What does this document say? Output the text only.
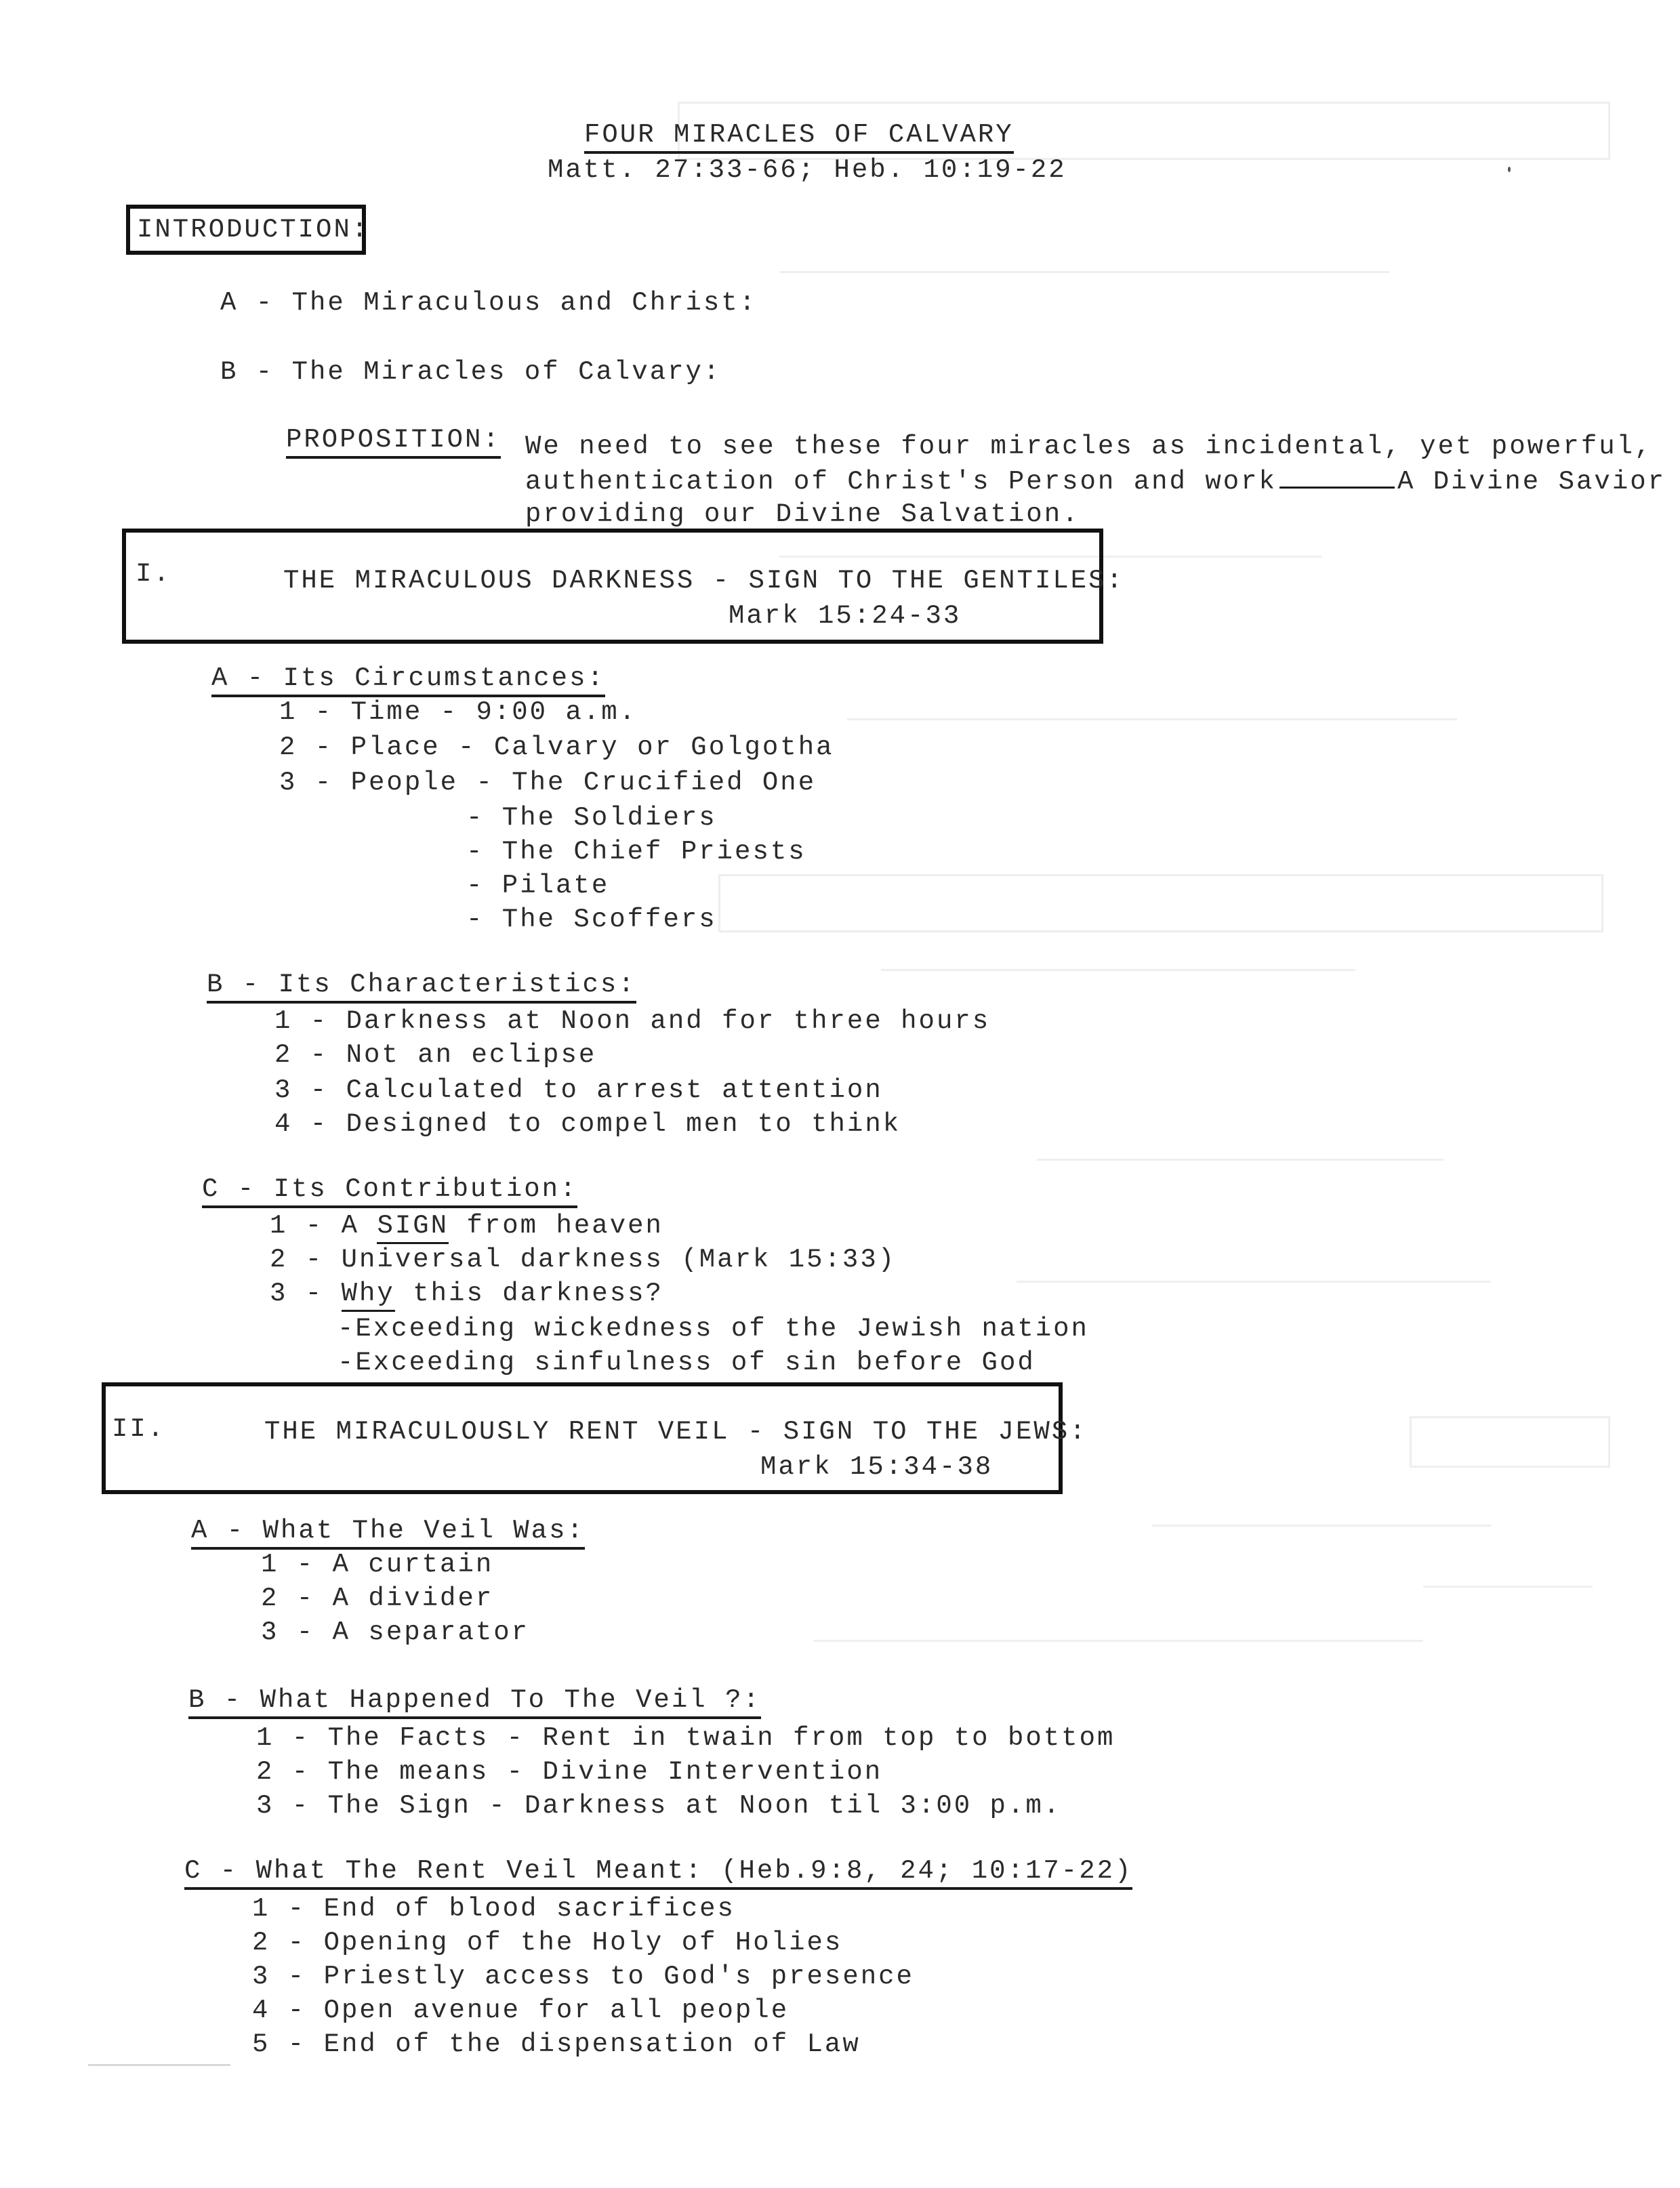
FOUR MIRACLES OF CALVARY
Matt. 27:33-66; Heb. 10:19-22
INTRODUCTION:
A - The Miraculous and Christ:
B - The Miracles of Calvary:
PROPOSITION: We need to see these four miracles as incidental, yet powerful,
authentication of Christ's Person and work	A Divine Savior
providing our Divine Salvation.
I.	THE MIRACULOUS DARKNESS - SIGN TO THE GENTILES:
Mark 15:24-33
A - Its Circumstances:
1 - Time - 9:00 a.m.
2 - Place - Calvary or Golgotha
3 - People - The Crucified One
- The Soldiers
- The Chief Priests
- Pilate
- The Scoffers
B - Its Characteristics:
1 - Darkness at Noon and for three hours
2 - Not an eclipse
3 - Calculated to arrest attention
4 - Designed to compel men to think
C - Its Contribution:
1 - A SIGN from heaven
2 - Universal darkness (Mark 15:33)
3 - Why this darkness?
-Exceeding wickedness of the Jewish nation
-Exceeding sinfulness of sin before God
II.	THE MIRACULOUSLY RENT VEIL - SIGN TO THE JEWS:
Mark 15:34-38
A - What The Veil Was:
1 - A curtain
2 - A divider
3 - A separator
B - What Happened To The Veil ?:
1 - The Facts - Rent in twain from top to bottom
2 - The means - Divine Intervention
3 - The Sign - Darkness at Noon til 3:00 p.m.
C - What The Rent Veil Meant: (Heb.9:8, 24; 10:17-22)
1 - End of blood sacrifices
2 - Opening of the Holy of Holies
3 - Priestly access to God's presence
4 - Open avenue for all people
5 - End of the dispensation of Law
